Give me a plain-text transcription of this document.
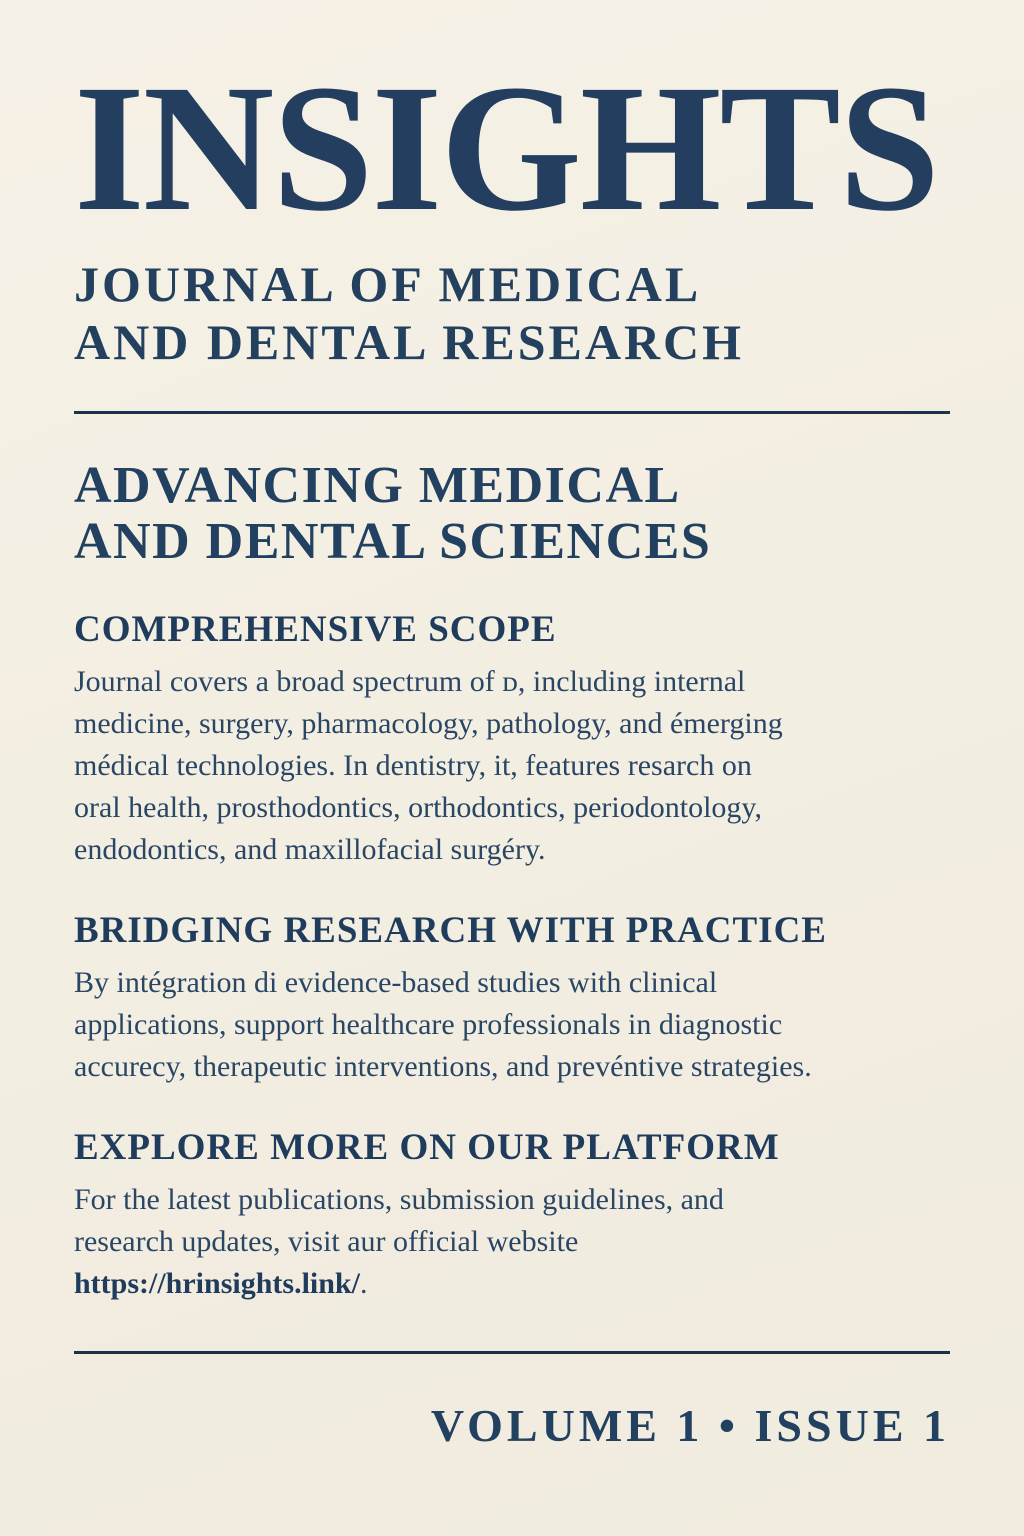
INSIGHTS
JOURNAL OF MEDICAL
AND DENTAL RESEARCH
ADVANCING MEDICAL
AND DENTAL SCIENCES
COMPREHENSIVE SCOPE
Journal covers a broad spectrum of ᴅ, including internal
medicine, surgery, pharmacology, pathology, and émerging
médical technologies. In dentistry, it, features resarch on
oral health, prosthodontics, orthodontics, periodontology,
endodontics, and maxillofacial surgéry.
BRIDGING RESEARCH WITH PRACTICE
By intégration di evidence-based studies with clinical
applications, support healthcare professionals in diagnostic
accurecy, therapeutic interventions, and prevéntive strategies.
EXPLORE MORE ON OUR PLATFORM
For the latest publications, submission guidelines, and
research updates, visit aur official website
https://hrinsights.link/.
VOLUME 1 • ISSUE 1
